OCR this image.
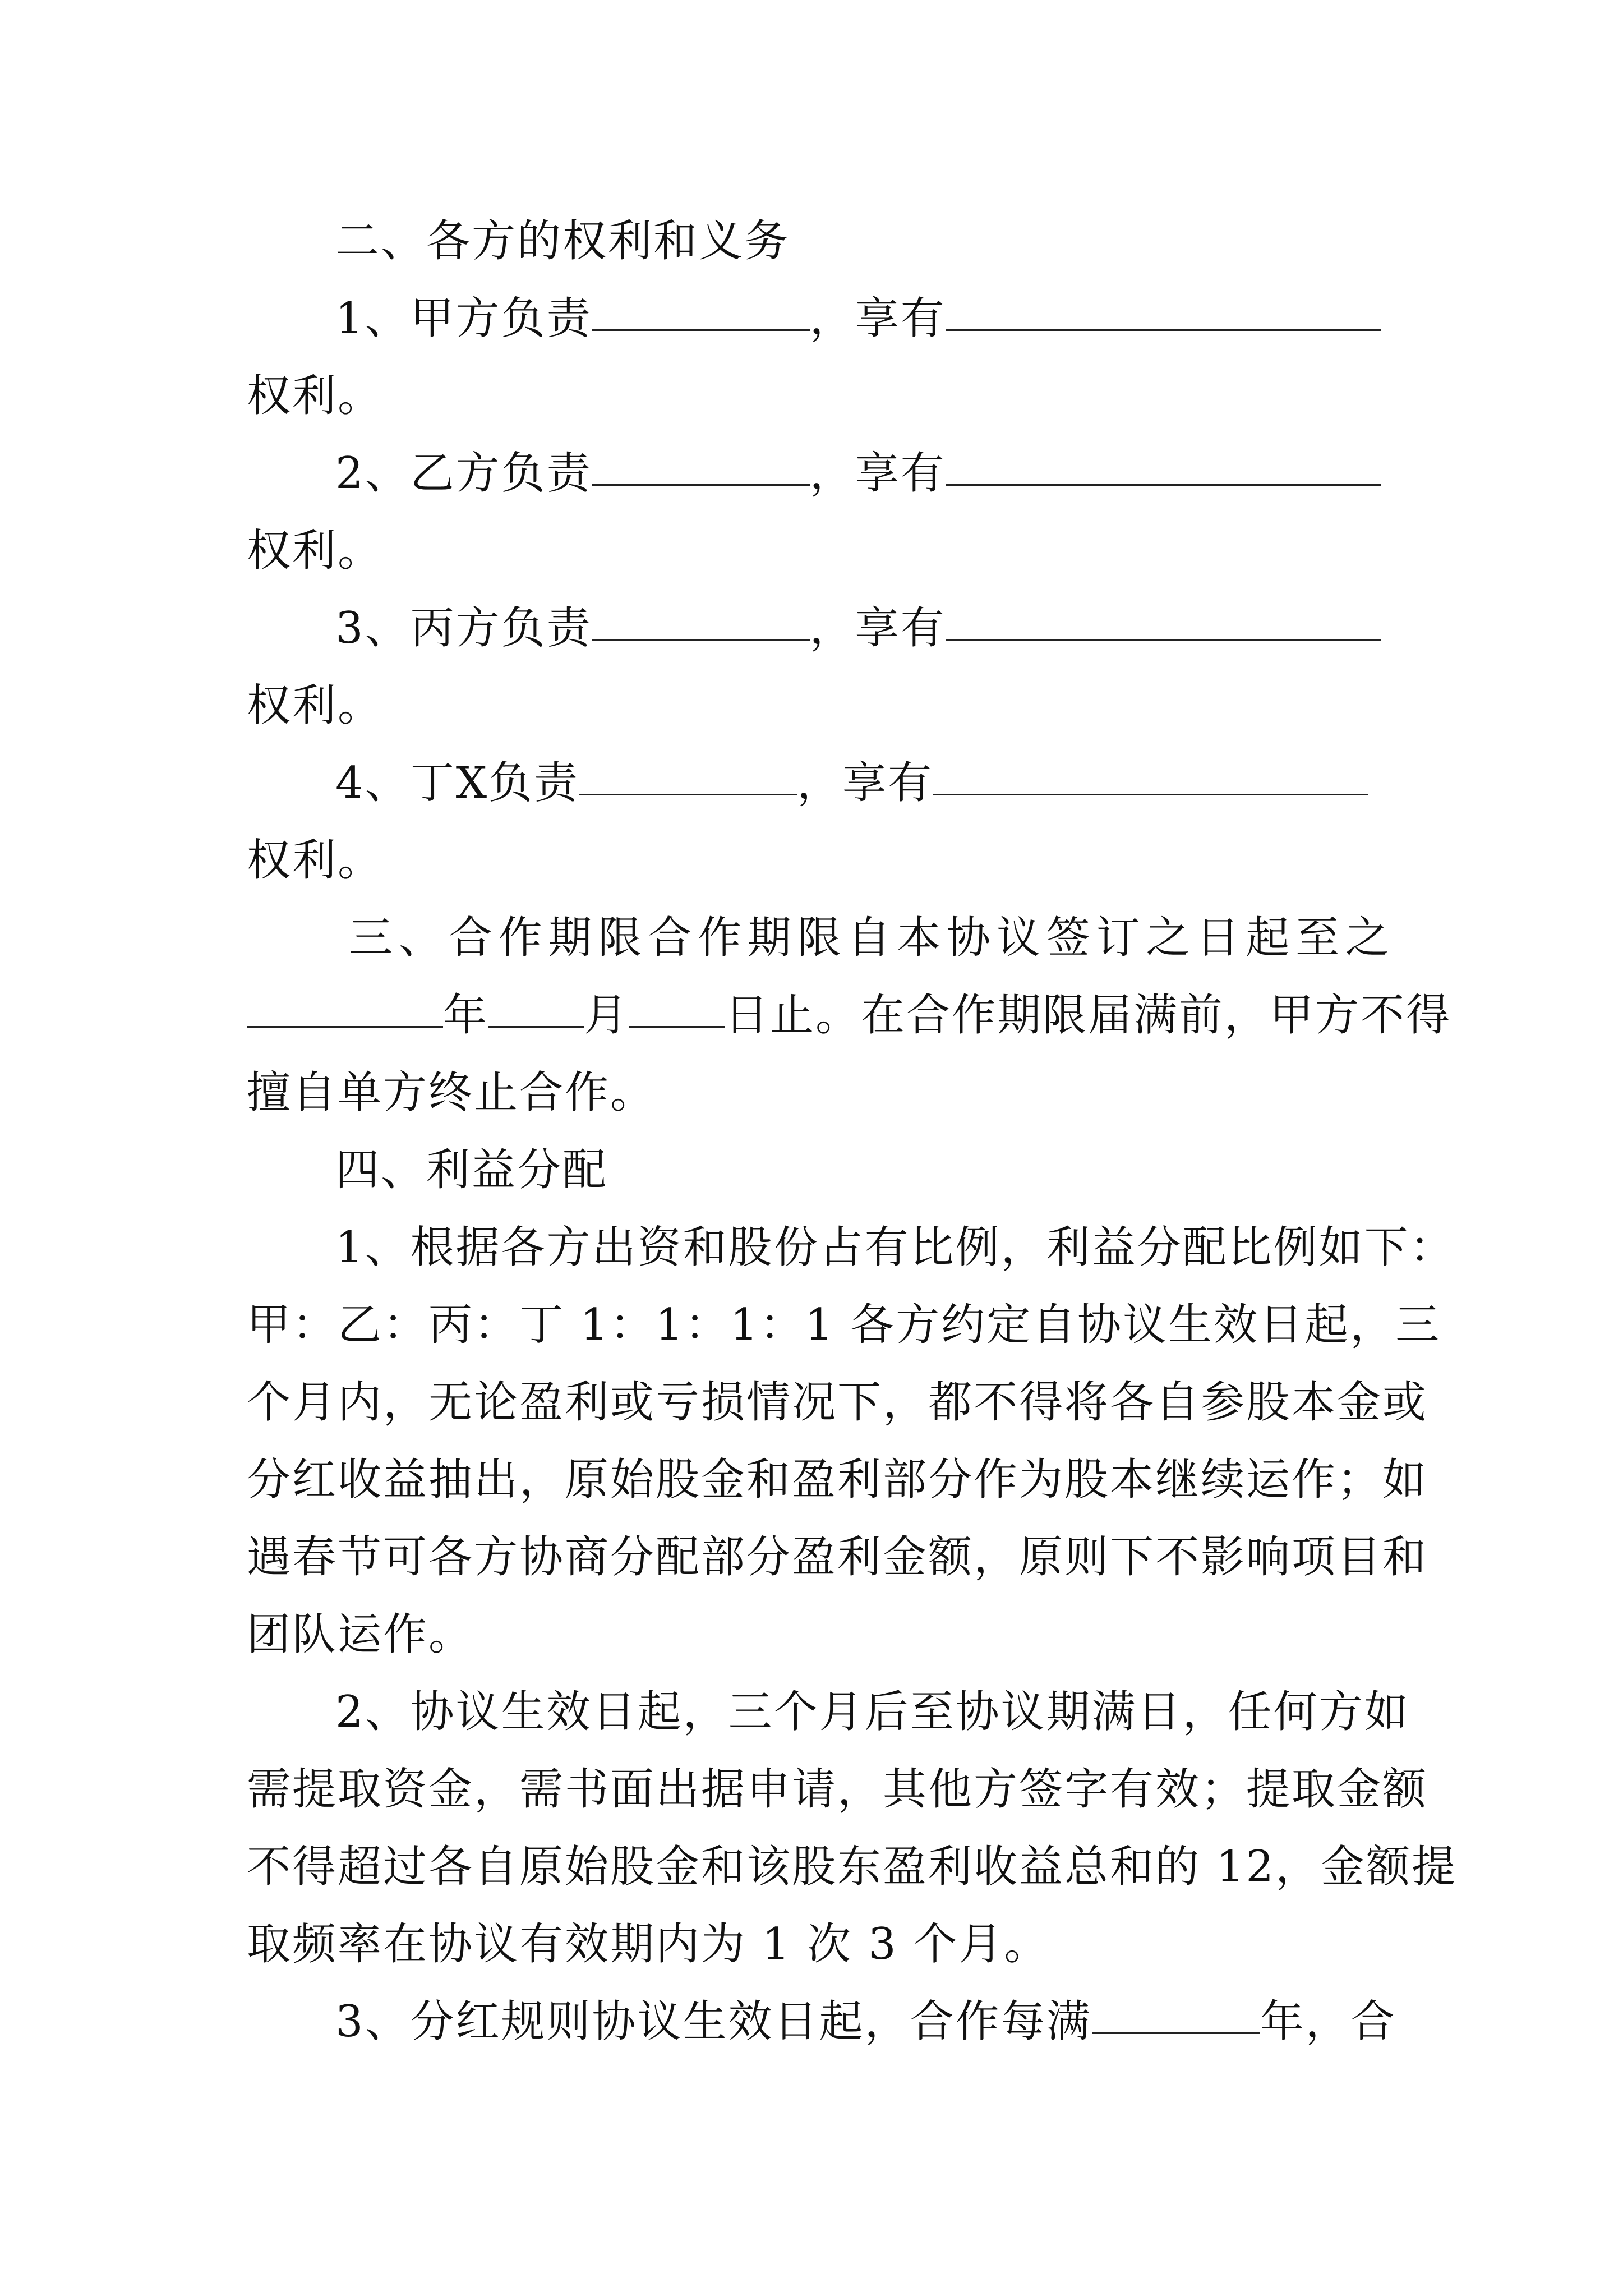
二、各方的权利和义务
1、甲方负责	，享有
权利。
2、乙方负责	，享有
权利。
3、丙方负责	，享有
权利。
4、丁X负责	，享有
权利。
三 、 合 作 期 限 合 作 期 限 自 本 协 议 签 订 之 日 起 至 之
年 月 日止。在合作期限届满前，甲方不得
擅自单方终止合作。
四、利益分配
1、根据各方出资和股份占有比例，利益分配比例如下：
甲：乙：丙：丁 1：1：1：1 各方约定自协议生效日起，三
个月内，无论盈利或亏损情况下，都不得将各自参股本金或
分红收益抽出，原始股金和盈利部分作为股本继续运作；如
遇春节可各方协商分配部分盈利金额，原则下不影响项目和
团队运作。
2、协议生效日起，三个月后至协议期满日，任何方如
需提取资金，需书面出据申请，其他方签字有效；提取金额
不得超过各自原始股金和该股东盈利收益总和的 12，金额提
取频率在协议有效期内为 1 次 3 个月。
3、分红规则协议生效日起，合作每满	年，合
